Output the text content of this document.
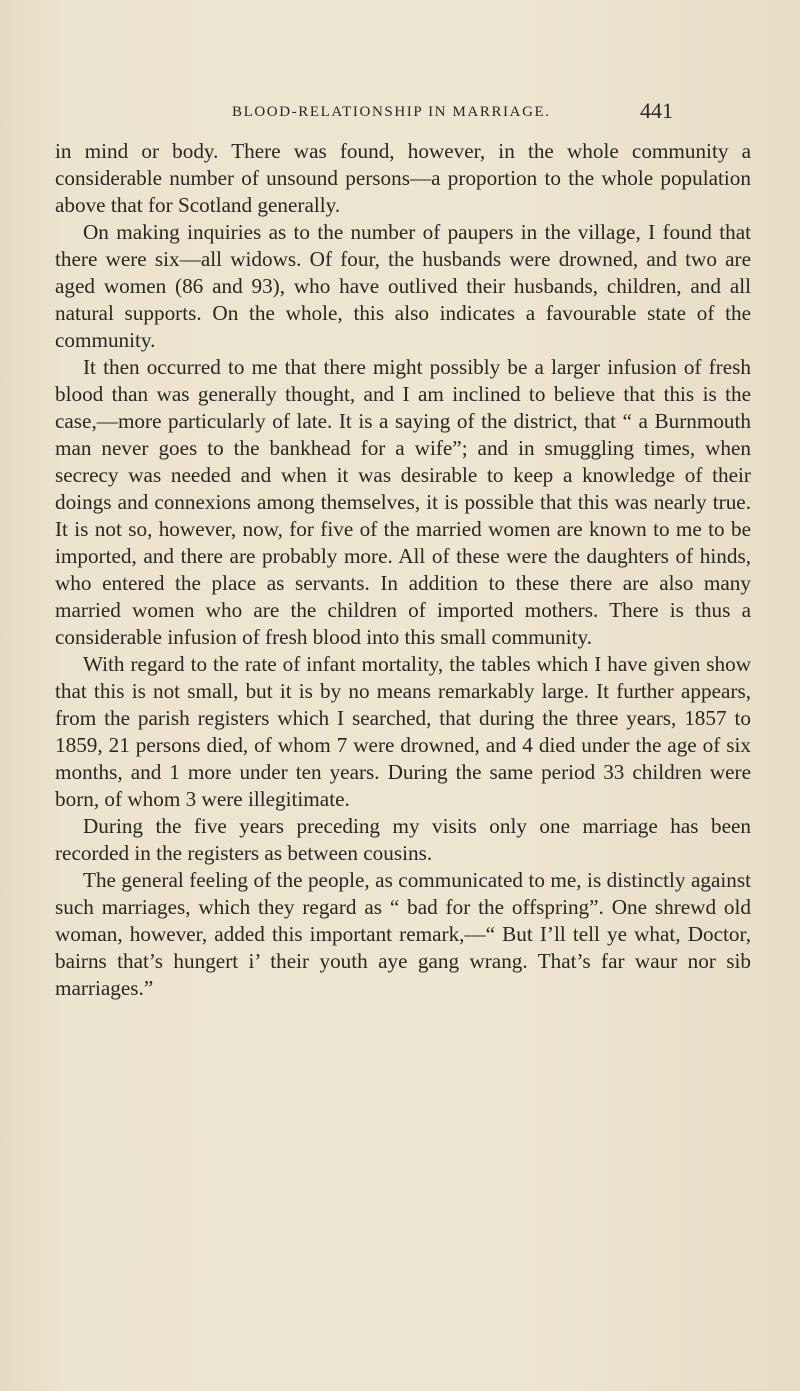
BLOOD-RELATIONSHIP IN MARRIAGE.	441

in mind or body. There was found, however, in the whole community a considerable number of unsound persons—a proportion to the whole population above that for Scotland generally.

On making inquiries as to the number of paupers in the village, I found that there were six—all widows. Of four, the husbands were drowned, and two are aged women (86 and 93), who have outlived their husbands, children, and all natural supports. On the whole, this also indicates a favourable state of the community.

It then occurred to me that there might possibly be a larger infusion of fresh blood than was generally thought, and I am inclined to believe that this is the case,—more particularly of late. It is a saying of the district, that “ a Burnmouth man never goes to the bankhead for a wife”; and in smuggling times, when secrecy was needed and when it was desirable to keep a knowledge of their doings and connexions among themselves, it is possible that this was nearly true. It is not so, however, now, for five of the married women are known to me to be imported, and there are probably more. All of these were the daughters of hinds, who entered the place as servants. In addition to these there are also many married women who are the children of imported mothers. There is thus a considerable infusion of fresh blood into this small community.

With regard to the rate of infant mortality, the tables which I have given show that this is not small, but it is by no means remarkably large. It further appears, from the parish registers which I searched, that during the three years, 1857 to 1859, 21 persons died, of whom 7 were drowned, and 4 died under the age of six months, and 1 more under ten years. During the same period 33 children were born, of whom 3 were illegitimate.

During the five years preceding my visits only one marriage has been recorded in the registers as between cousins.

The general feeling of the people, as communicated to me, is distinctly against such marriages, which they regard as “ bad for the offspring”. One shrewd old woman, however, added this important remark,—“ But I’ll tell ye what, Doctor, bairns that’s hungert i’ their youth aye gang wrang. That’s far waur nor sib marriages.”
